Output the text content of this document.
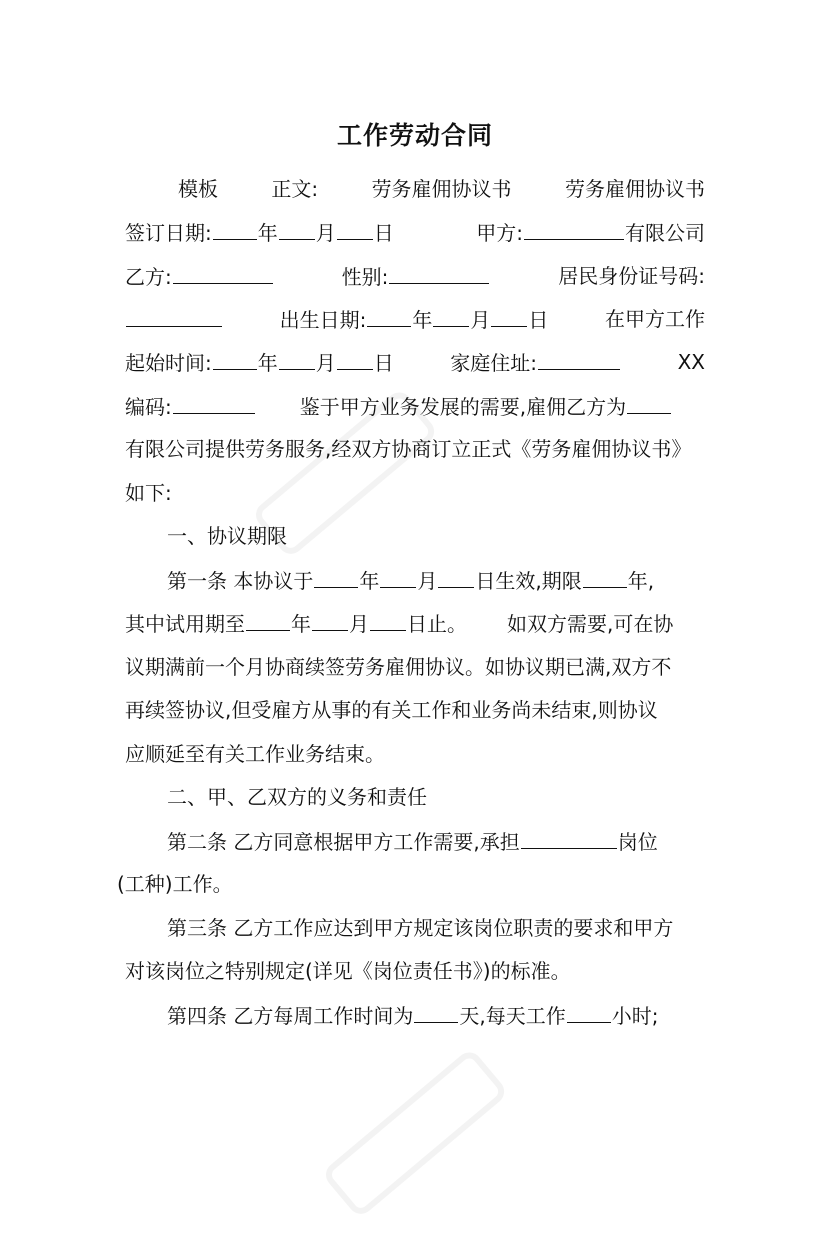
工作劳动合同
模板	正文:	劳务雇佣协议书	劳务雇佣协议书
签订日期: 年 月 日	甲方:	有限公司
乙方:	性别:	居民身份证号码:
出生日期: 年 月 日	在甲方工作
起始时间: 年 月 日	家庭住址:	XX
编码:	鉴于甲方业务发展的需要,雇佣乙方为
有限公司提供劳务服务,经双方协商订立正式《劳务雇佣协议书》
如下:
一、协议期限
第一条 本协议于 年 月 日生效,期限 年,
其中试用期至 年 月 日止。 如双方需要,可在协
议期满前一个月协商续签劳务雇佣协议。如协议期已满,双方不
再续签协议,但受雇方从事的有关工作和业务尚未结束,则协议
应顺延至有关工作业务结束。
二、甲、乙双方的义务和责任
第二条 乙方同意根据甲方工作需要,承担	岗位
(工种)工作。
第三条 乙方工作应达到甲方规定该岗位职责的要求和甲方
对该岗位之特别规定(详见《岗位责任书》)的标准。
第四条 乙方每周工作时间为 天,每天工作 小时;
